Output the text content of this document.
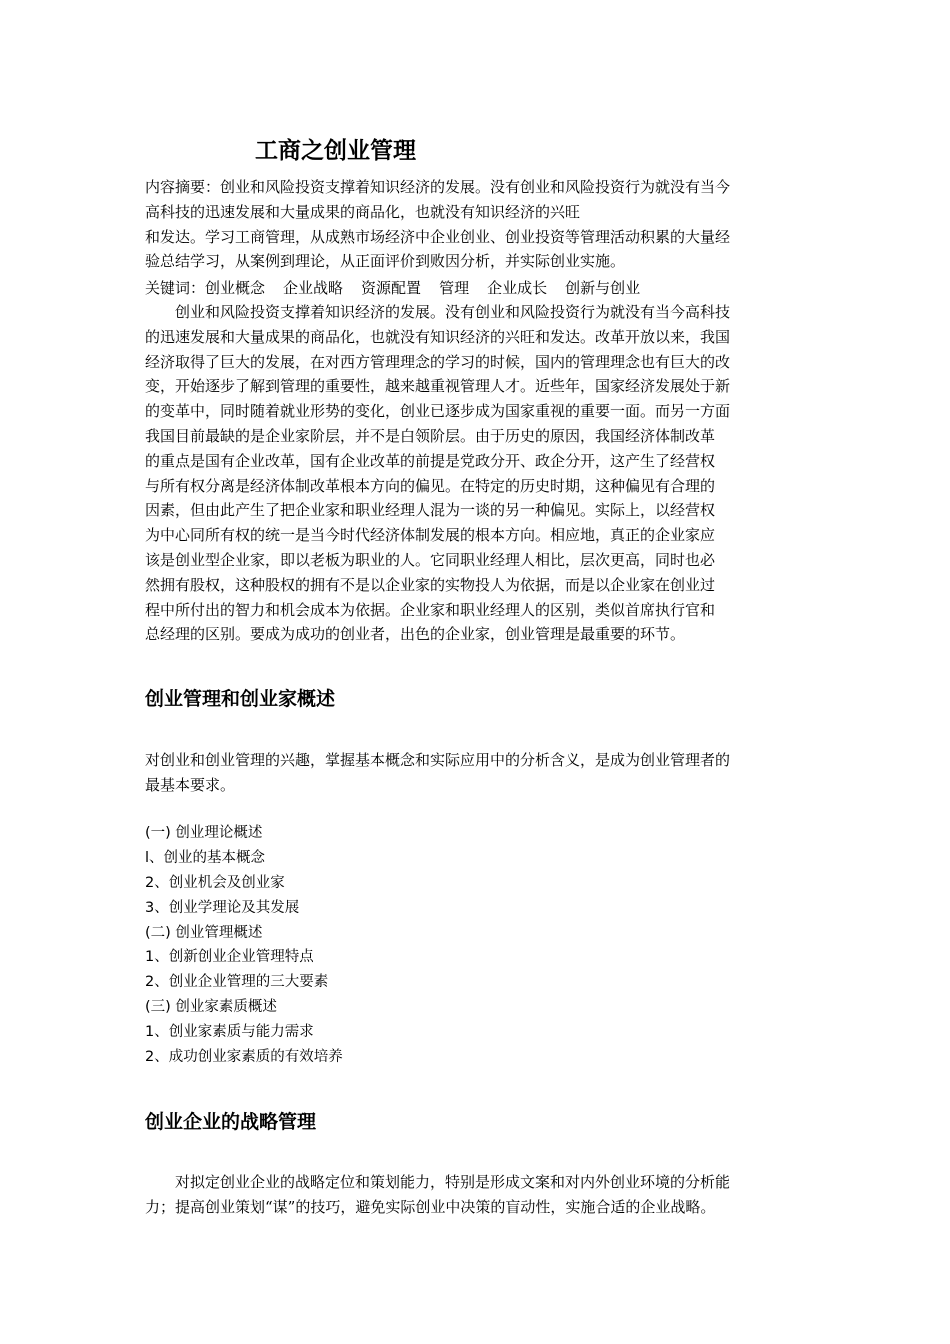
工商之创业管理
内容摘要：创业和风险投资支撑着知识经济的发展。没有创业和风险投资行为就没有当今
高科技的迅速发展和大量成果的商品化，也就没有知识经济的兴旺
和发达。学习工商管理，从成熟市场经济中企业创业、创业投资等管理活动积累的大量经
验总结学习，从案例到理论，从正面评价到败因分析，并实际创业实施。
关键词：创业概念 企业战略 资源配置 管理 企业成长 创新与创业
创业和风险投资支撑着知识经济的发展。没有创业和风险投资行为就没有当今高科技
的迅速发展和大量成果的商品化，也就没有知识经济的兴旺和发达。改革开放以来，我国
经济取得了巨大的发展，在对西方管理理念的学习的时候，国内的管理理念也有巨大的改
变，开始逐步了解到管理的重要性，越来越重视管理人才。近些年，国家经济发展处于新
的变革中，同时随着就业形势的变化，创业已逐步成为国家重视的重要一面。而另一方面
我国目前最缺的是企业家阶层，并不是白领阶层。由于历史的原因，我国经济体制改革
的重点是国有企业改革，国有企业改革的前提是党政分开、政企分开，这产生了经营权
与所有权分离是经济体制改革根本方向的偏见。在特定的历史时期，这种偏见有合理的
因素，但由此产生了把企业家和职业经理人混为一谈的另一种偏见。实际上，以经营权
为中心同所有权的统一是当今时代经济体制发展的根本方向。相应地，真正的企业家应
该是创业型企业家，即以老板为职业的人。它同职业经理人相比，层次更高，同时也必
然拥有股权，这种股权的拥有不是以企业家的实物投人为依据，而是以企业家在创业过
程中所付出的智力和机会成本为依据。企业家和职业经理人的区别，类似首席执行官和
总经理的区别。要成为成功的创业者，出色的企业家，创业管理是最重要的环节。
创业管理和创业家概述
对创业和创业管理的兴趣，掌握基本概念和实际应用中的分析含义，是成为创业管理者的
最基本要求。
(一) 创业理论概述
l、创业的基本概念
2、创业机会及创业家
3、创业学理论及其发展
(二) 创业管理概述
1、创新创业企业管理特点
2、创业企业管理的三大要素
(三) 创业家素质概述
1、创业家素质与能力需求
2、成功创业家素质的有效培养
创业企业的战略管理
对拟定创业企业的战略定位和策划能力，特别是形成文案和对内外创业环境的分析能
力；提高创业策划“谋”的技巧，避免实际创业中决策的盲动性，实施合适的企业战略。
